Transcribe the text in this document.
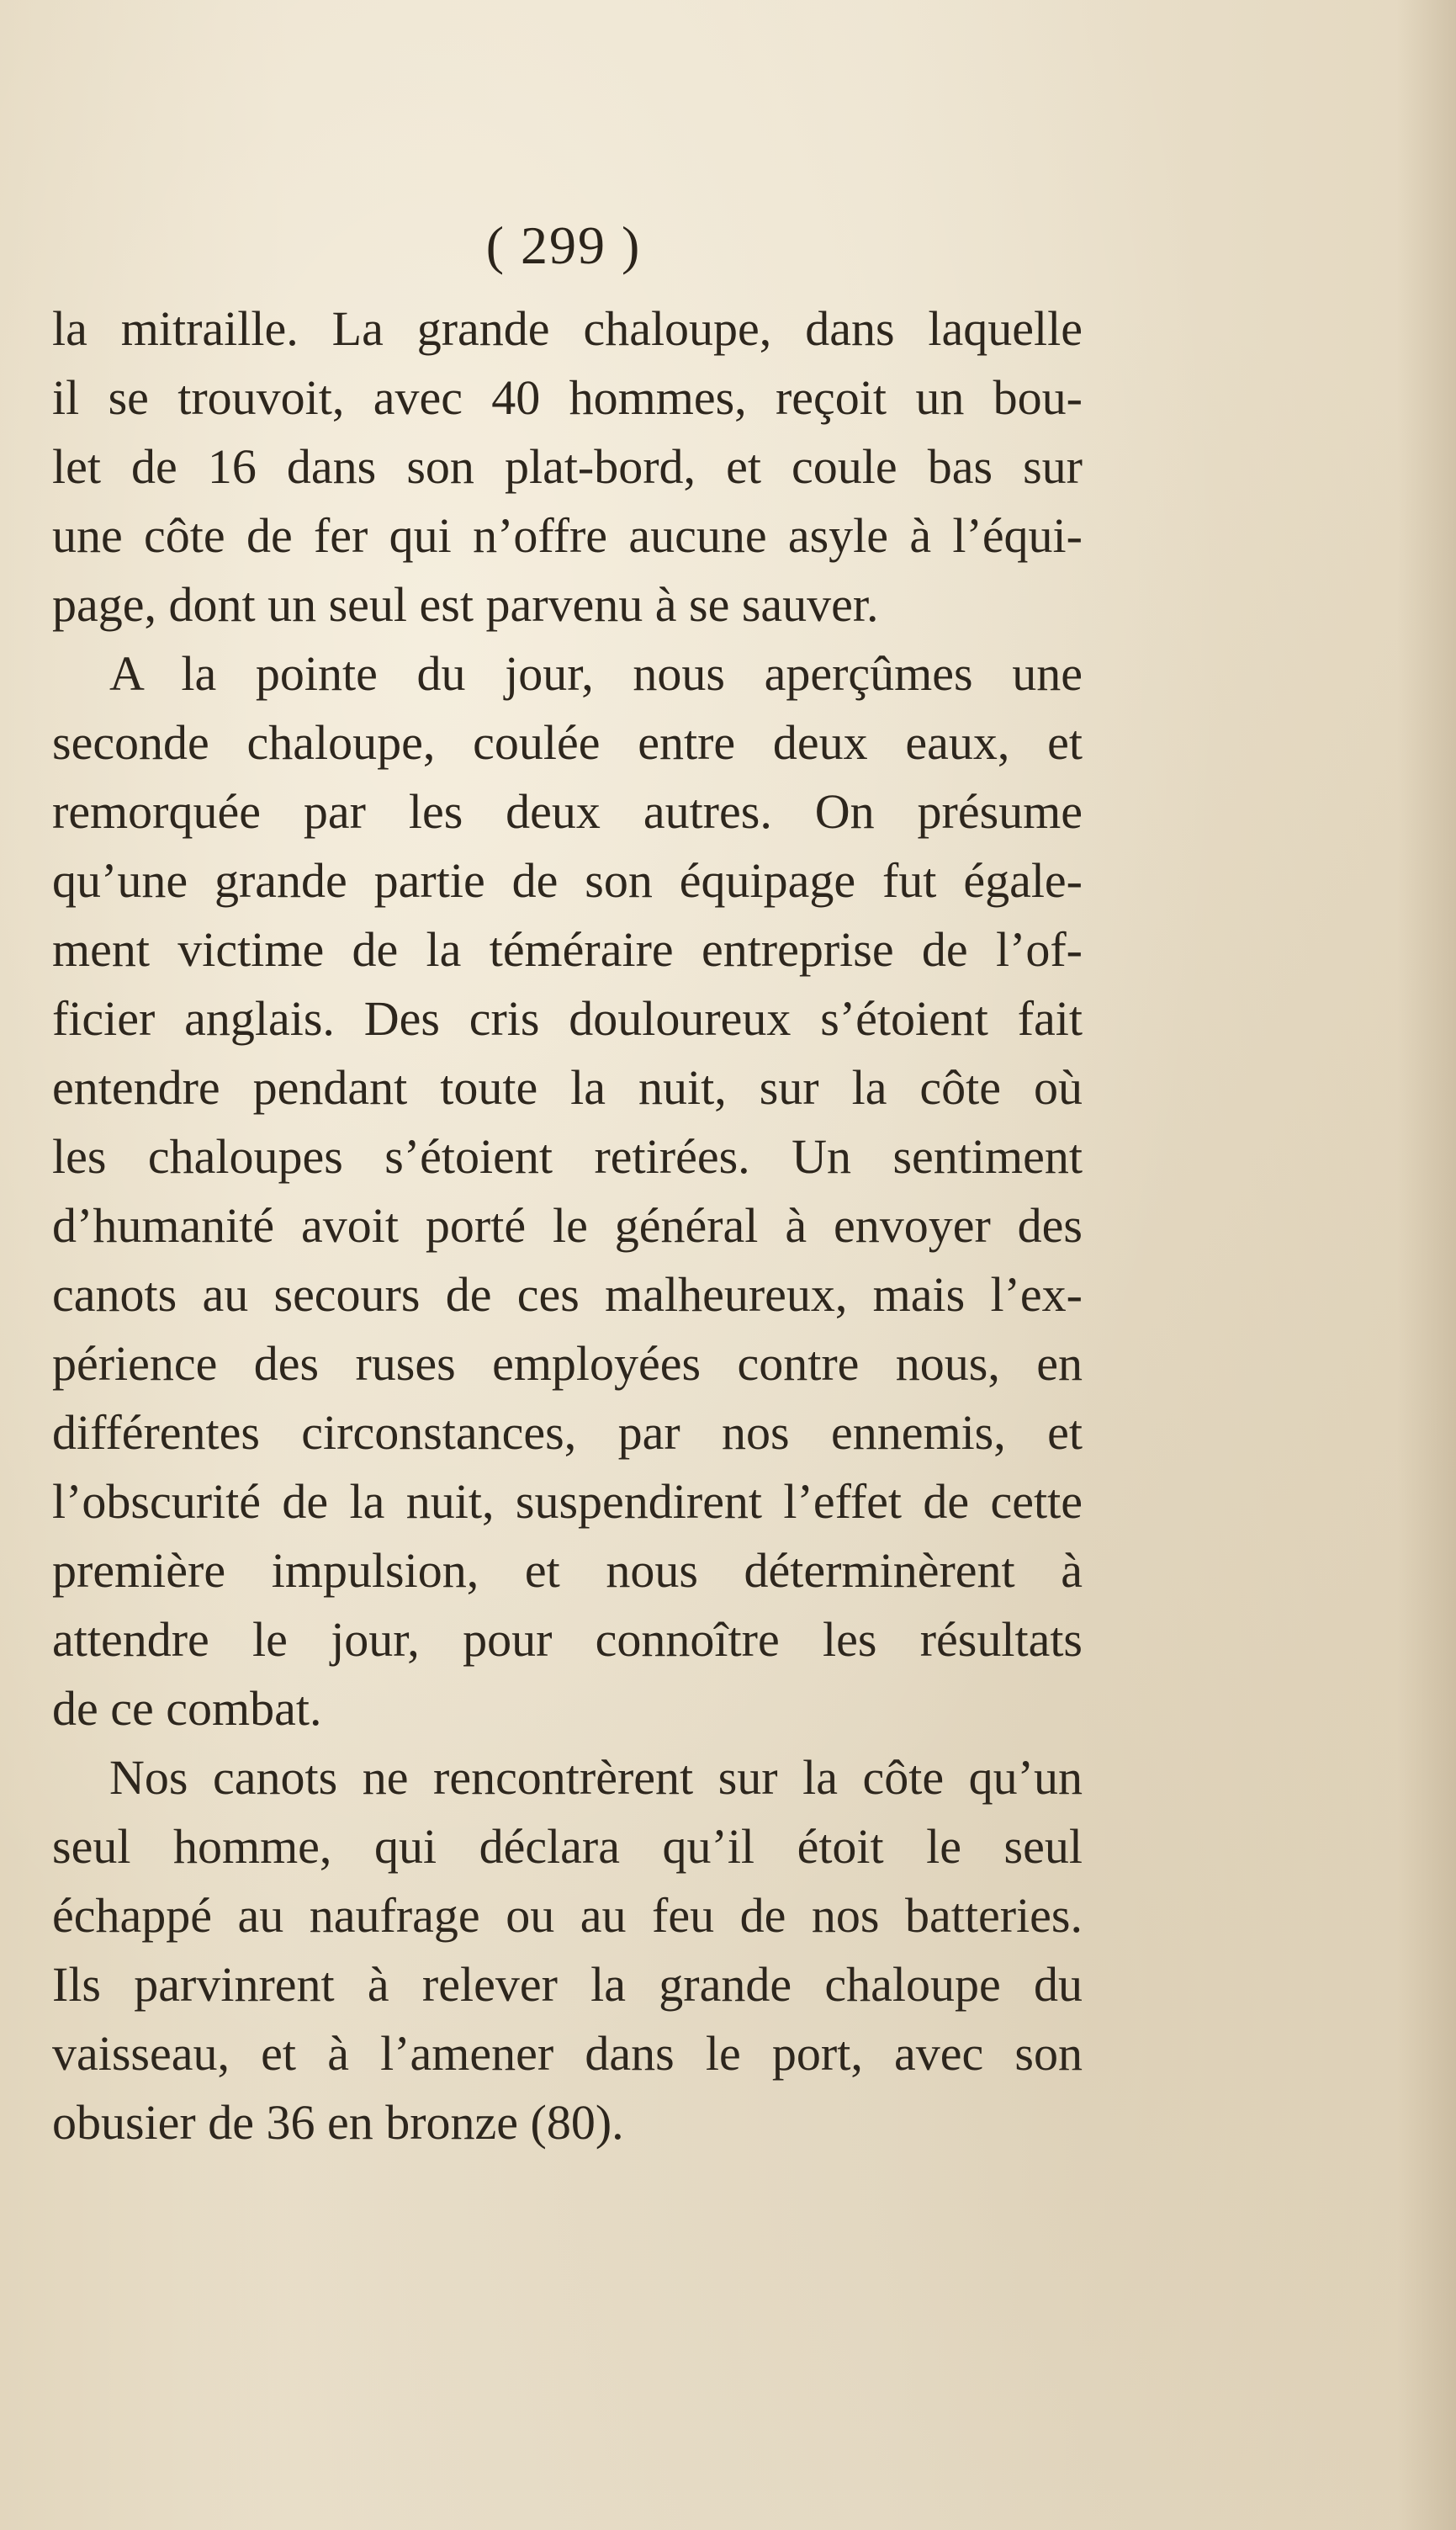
( 299 )
la mitraille. La grande chaloupe, dans laquelle
il se trouvoit, avec 40 hommes, reçoit un bou-
let de 16 dans son plat-bord, et coule bas sur
une côte de fer qui n’offre aucune asyle à l’équi-
page, dont un seul est parvenu à se sauver.
A la pointe du jour, nous aperçûmes une
seconde chaloupe, coulée entre deux eaux, et
remorquée par les deux autres. On présume
qu’une grande partie de son équipage fut égale-
ment victime de la téméraire entreprise de l’of-
ficier anglais. Des cris douloureux s’étoient fait
entendre pendant toute la nuit, sur la côte où
les chaloupes s’étoient retirées. Un sentiment
d’humanité avoit porté le général à envoyer des
canots au secours de ces malheureux, mais l’ex-
périence des ruses employées contre nous, en
différentes circonstances, par nos ennemis, et
l’obscurité de la nuit, suspendirent l’effet de cette
première impulsion, et nous déterminèrent à
attendre le jour, pour connoître les résultats
de ce combat.
Nos canots ne rencontrèrent sur la côte qu’un
seul homme, qui déclara qu’il étoit le seul
échappé au naufrage ou au feu de nos batteries.
Ils parvinrent à relever la grande chaloupe du
vaisseau, et à l’amener dans le port, avec son
obusier de 36 en bronze (80).
